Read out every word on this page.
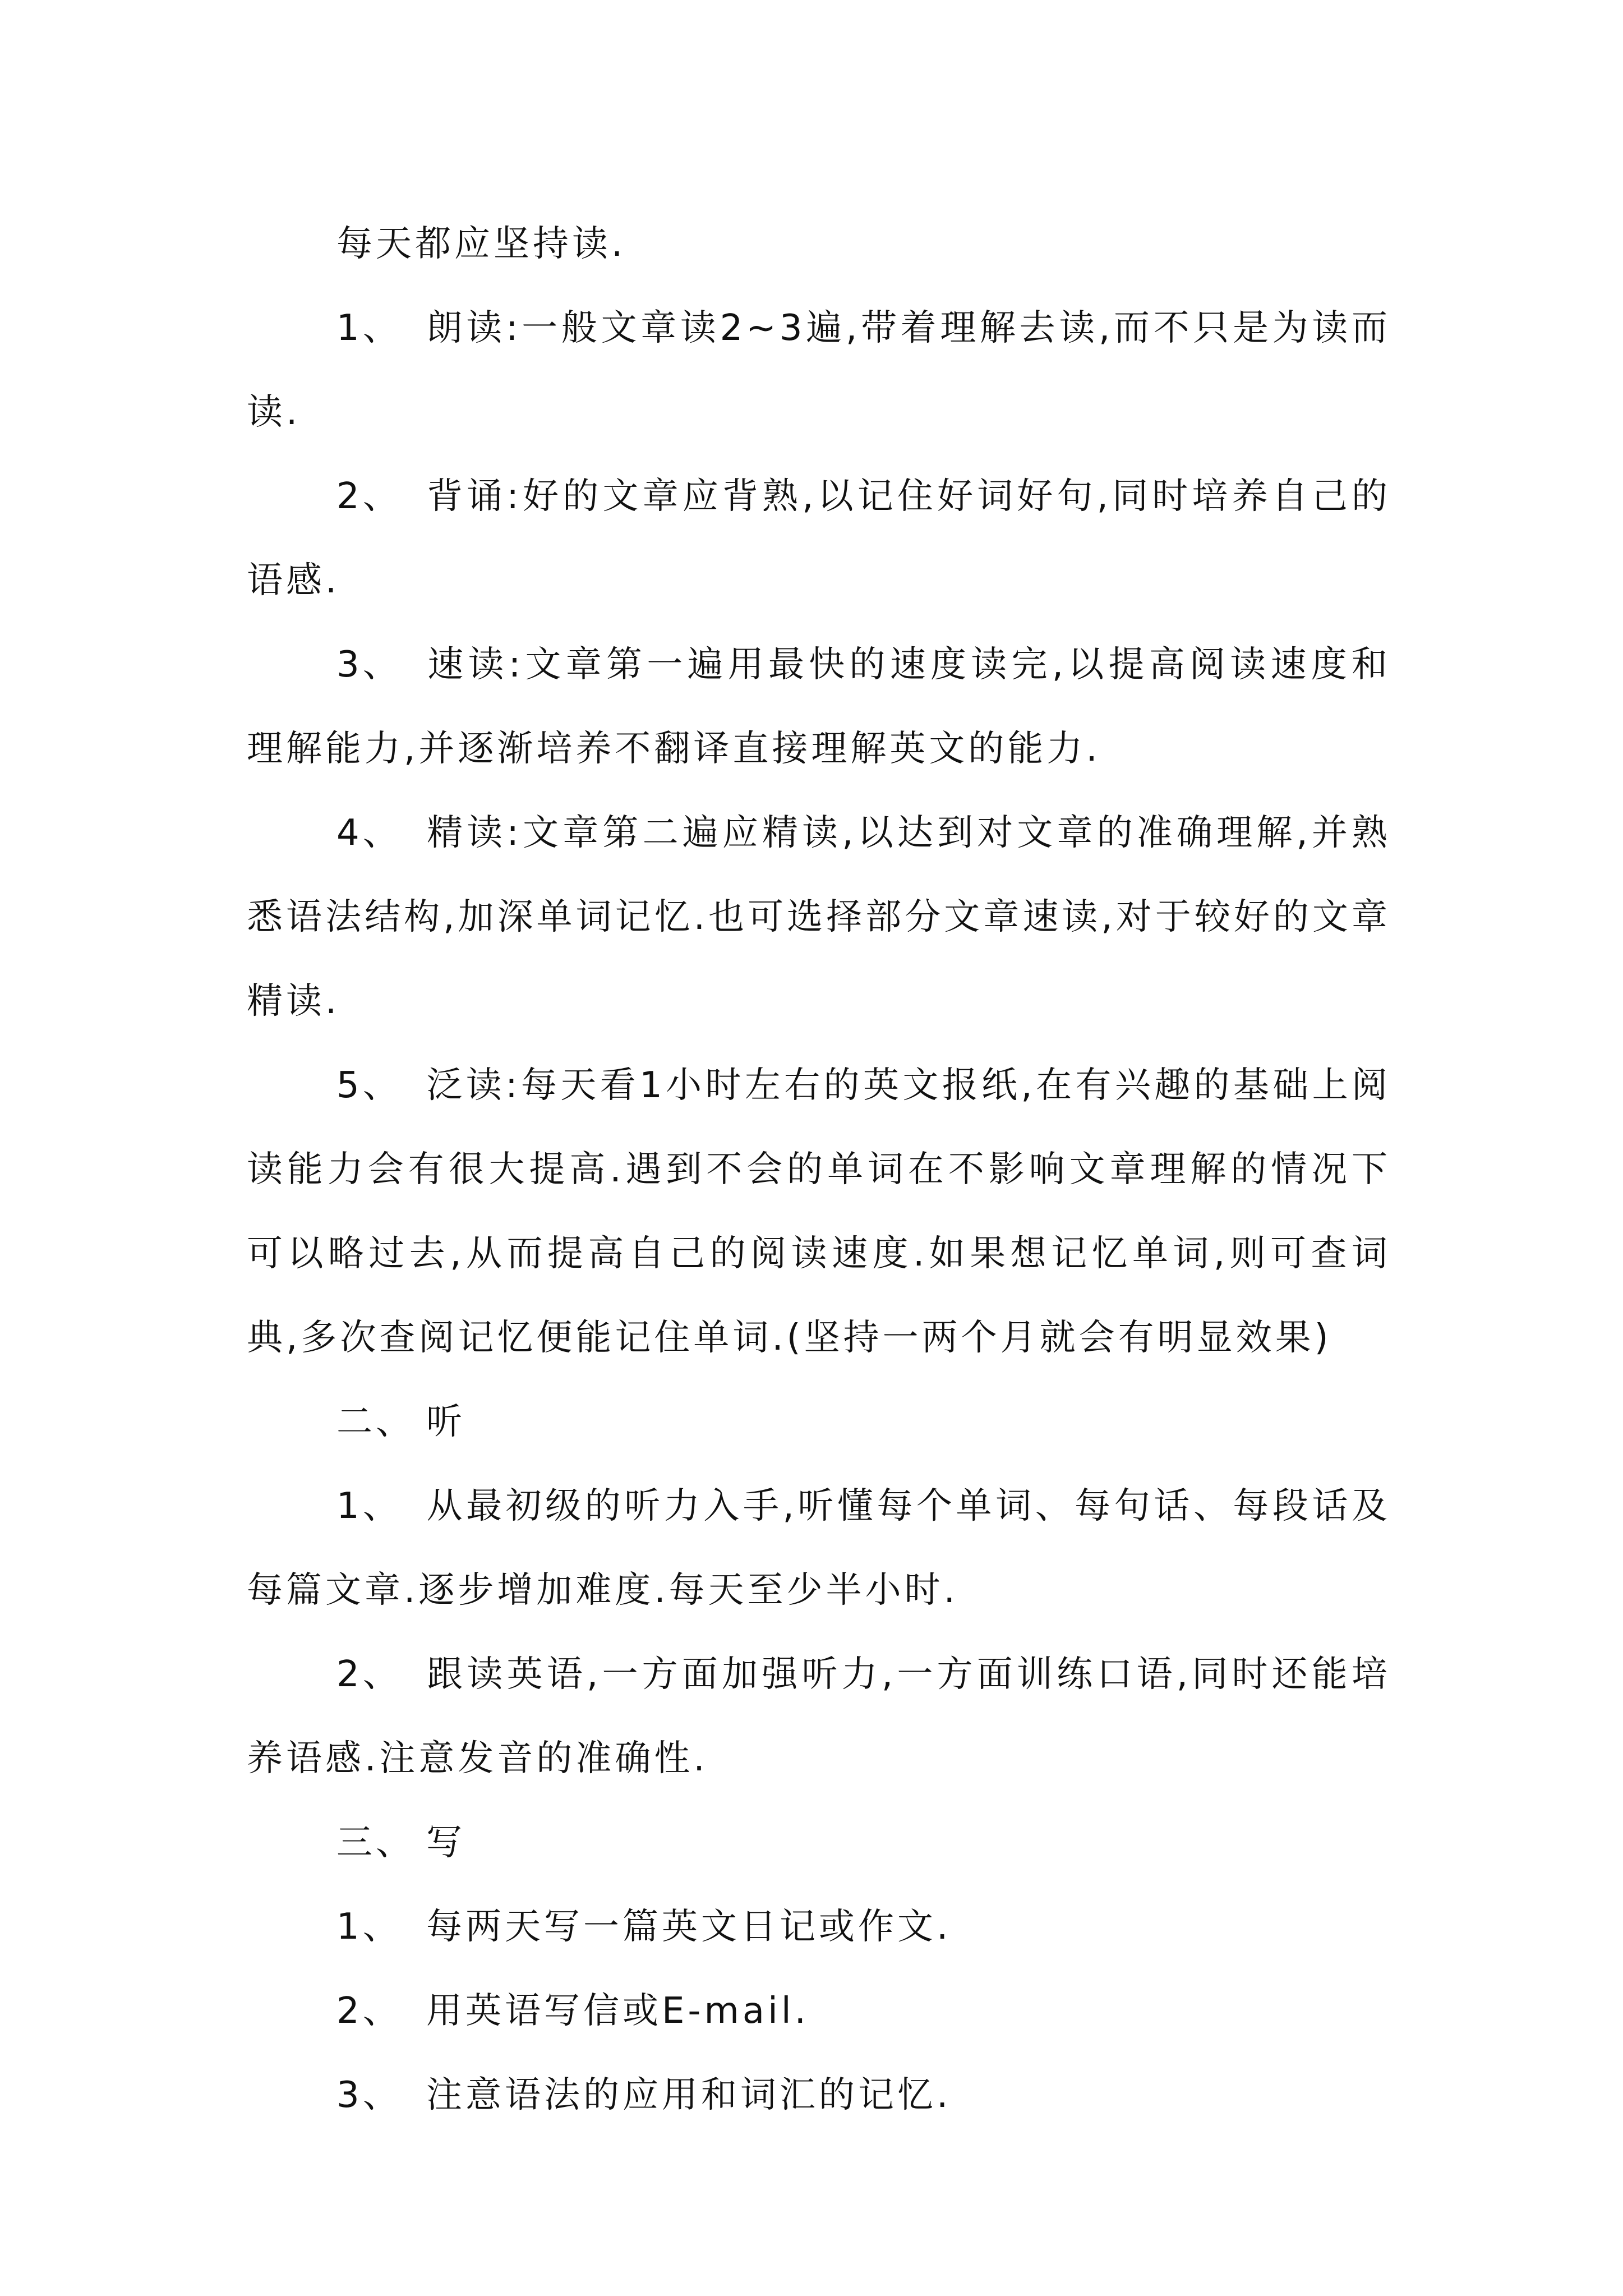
每天都应坚持读.

1、 朗读:一般文章读2~3遍,带着理解去读,而不只是为读而读.

2、 背诵:好的文章应背熟,以记住好词好句,同时培养自己的语感.

3、 速读:文章第一遍用最快的速度读完,以提高阅读速度和理解能力,并逐渐培养不翻译直接理解英文的能力.

4、 精读:文章第二遍应精读,以达到对文章的准确理解,并熟悉语法结构,加深单词记忆.也可选择部分文章速读,对于较好的文章精读.

5、 泛读:每天看1小时左右的英文报纸,在有兴趣的基础上阅读能力会有很大提高.遇到不会的单词在不影响文章理解的情况下可以略过去,从而提高自己的阅读速度.如果想记忆单词,则可查词典,多次查阅记忆便能记住单词.(坚持一两个月就会有明显效果)

二、 听

1、 从最初级的听力入手,听懂每个单词、每句话、每段话及每篇文章.逐步增加难度.每天至少半小时.

2、 跟读英语,一方面加强听力,一方面训练口语,同时还能培养语感.注意发音的准确性.

三、 写

1、 每两天写一篇英文日记或作文.

2、 用英语写信或E-mail.

3、 注意语法的应用和词汇的记忆.
